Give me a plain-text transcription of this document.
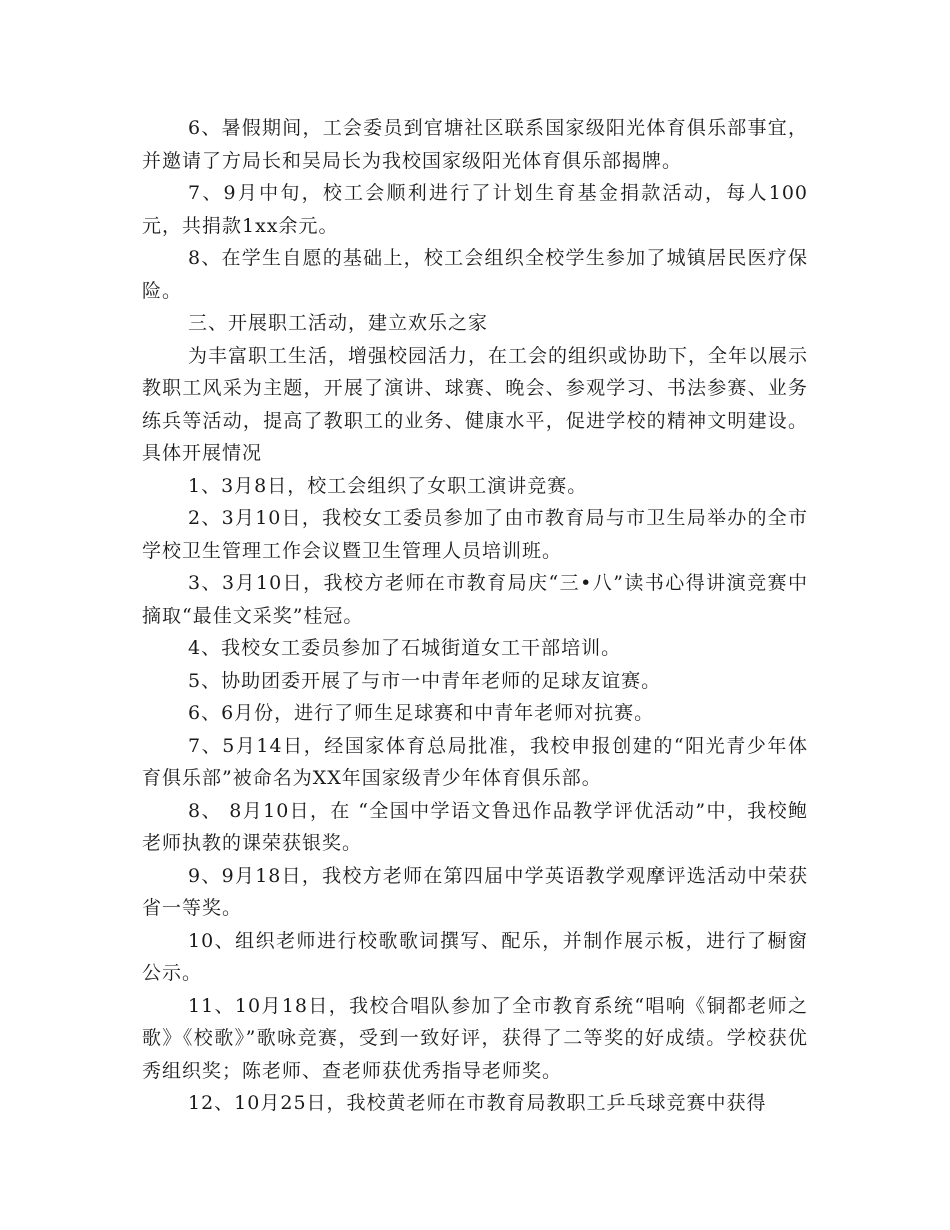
6、暑假期间，工会委员到官塘社区联系国家级阳光体育俱乐部事宜，并邀请了方局长和吴局长为我校国家级阳光体育俱乐部揭牌。

7、9月中旬，校工会顺利进行了计划生育基金捐款活动，每人100元，共捐款1xx余元。

8、在学生自愿的基础上，校工会组织全校学生参加了城镇居民医疗保险。

三、开展职工活动，建立欢乐之家

为丰富职工生活，增强校园活力，在工会的组织或协助下，全年以展示教职工风采为主题，开展了演讲、球赛、晚会、参观学习、书法参赛、业务练兵等活动，提高了教职工的业务、健康水平，促进学校的精神文明建设。具体开展情况

1、3月8日，校工会组织了女职工演讲竞赛。

2、3月10日，我校女工委员参加了由市教育局与市卫生局举办的全市学校卫生管理工作会议暨卫生管理人员培训班。

3、3月10日，我校方老师在市教育局庆“三•八”读书心得讲演竞赛中摘取“最佳文采奖”桂冠。

4、我校女工委员参加了石城街道女工干部培训。

5、协助团委开展了与市一中青年老师的足球友谊赛。

6、6月份，进行了师生足球赛和中青年老师对抗赛。

7、5月14日，经国家体育总局批准，我校申报创建的“阳光青少年体育俱乐部”被命名为XX年国家级青少年体育俱乐部。

8、 8月10日，在 “全国中学语文鲁迅作品教学评优活动”中，我校鲍老师执教的课荣获银奖。

9、9月18日，我校方老师在第四届中学英语教学观摩评选活动中荣获省一等奖。

10、组织老师进行校歌歌词撰写、配乐，并制作展示板，进行了橱窗公示。

11、10月18日，我校合唱队参加了全市教育系统“唱响《铜都老师之歌》《校歌》”歌咏竞赛，受到一致好评，获得了二等奖的好成绩。学校获优秀组织奖；陈老师、查老师获优秀指导老师奖。

12、10月25日，我校黄老师在市教育局教职工乒乓球竞赛中获得
